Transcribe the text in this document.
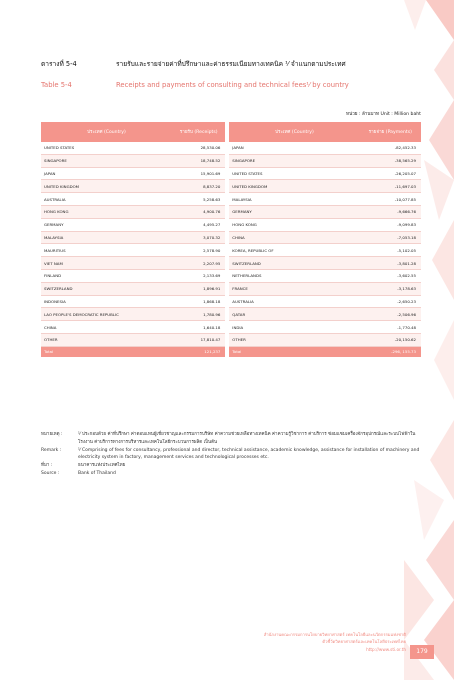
ตารางที่ 5-4	รายรับและรายจ่ายค่าที่ปรึกษาและค่าธรรมเนียมทางเทคนิค ¹⁄ จำแนกตามประเทศ
Table 5-4	Receipts and payments of consulting and technical fees¹⁄ by country
หน่วย : ล้านบาท Unit : Million baht
ประเทศ (Country)	รายรับ (Receipts)		ประเทศ (Country)	รายจ่าย (Payments)
UNITED STATES	28,530.06		JAPAN	-82,452.33
SINGAPORE	18,748.52		SINGAPORE	-38,565.29
JAPAN	15,901.69		UNITED STATES	-26,205.07
UNITED KINGDOM	8,837.20		UNITED KINGDOM	-11,697.03
AUSTRALIA	5,258.63		MALAYSIA	-10,077.85
HONG KONG	4,900.76		GERMANY	-9,666.76
GERMANY	4,495.27		HONG KONG	-9,099.83
MALAYSIA	3,070.32		CHINA	-7,053.18
MAURITIUS	2,578.90		KOREA, REPUBLIC OF	-5,102.05
VIET NAM	2,207.95		SWITZERLAND	-3,801.28
FINLAND	2,133.69		NETHERLANDS	-3,602.55
SWITZERLAND	1,896.91		FRANCE	-3,178.63
INDONESIA	1,868.18		AUSTRALIA	-2,650.23
LAO PEOPLE'S DEMOCRATIC REPUBLIC	1,780.96		QATAR	-2,506.96
CHINA	1,640.18		INDIA	-1,770.48
OTHER	17,810.47		OTHER	-20,150.62
Total	121,237		Total	-296, 155.73
หมายเหตุ :	¹⁄ ประกอบด้วย ค่าที่ปรึกษา ค่าตอบแทนผู้เชี่ยวชาญและกรรมการบริษัท ค่าความช่วยเหลือทางเทคนิค ค่าความรู้วิชาการ ค่าบริการ ซ่อมแซมเครื่องจักรอุปกรณ์และระบบไฟฟ้าในโรงงาน ค่าบริการทางการบริหารและเทคโนโลยีกระบวนการผลิต เป็นต้น
Remark :	¹⁄ Comprising of fees for consultancy, professional and director, technical assistance, academic knowledge, assistance for installation of machinery and electricity system in factory, management services and technological processes etc.
ที่มา :	ธนาคารแห่งประเทศไทย
Source :	Bank of Thailand
สำนักงานคณะกรรมการนโยบายวิทยาศาสตร์ เทคโนโลยีและนวัตกรรมแห่งชาติ
ตัวชี้วัดวิทยาศาสตร์และเทคโนโลยีประเทศไทย
http://www.sti.or.th	179
